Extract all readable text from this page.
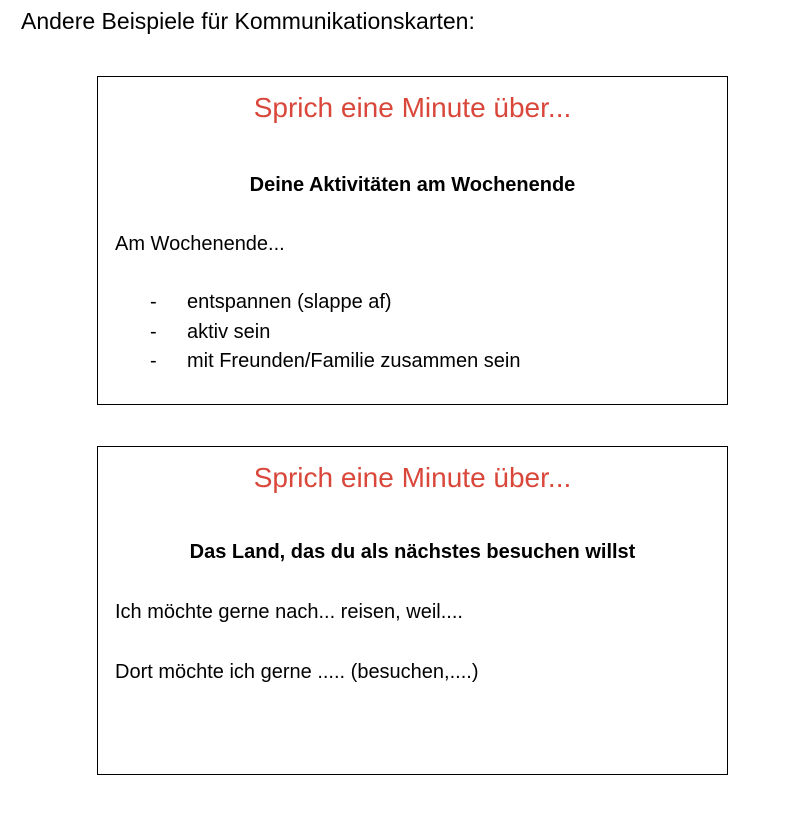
Andere Beispiele für Kommunikationskarten:
Sprich eine Minute über...
Deine Aktivitäten am Wochenende
Am Wochenende...
- entspannen (slappe af)
- aktiv sein
- mit Freunden/Familie zusammen sein
Sprich eine Minute über...
Das Land, das du als nächstes besuchen willst
Ich möchte gerne nach... reisen, weil....
Dort möchte ich gerne ..... (besuchen,....)
